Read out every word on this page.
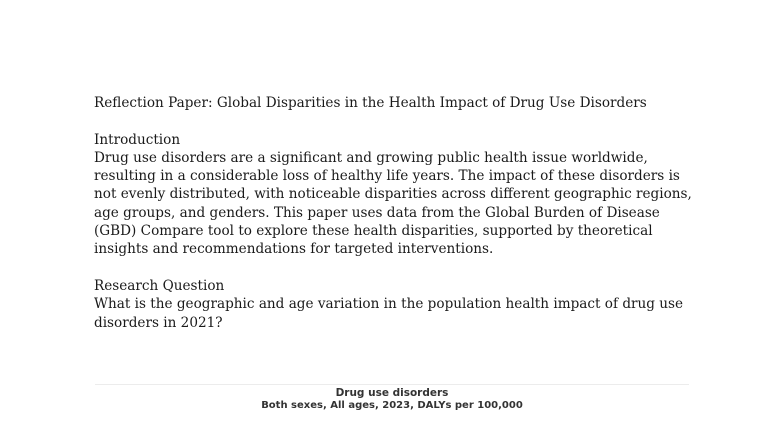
Reflection Paper: Global Disparities in the Health Impact of Drug Use Disorders

Introduction

Drug use disorders are a significant and growing public health issue worldwide, resulting in a considerable loss of healthy life years. The impact of these disorders is not evenly distributed, with noticeable disparities across different geographic regions, age groups, and genders. This paper uses data from the Global Burden of Disease (GBD) Compare tool to explore these health disparities, supported by theoretical insights and recommendations for targeted interventions.

Research Question

What is the geographic and age variation in the population health impact of drug use disorders in 2021?

Drug use disorders
Both sexes, All ages, 2023, DALYs per 100,000
